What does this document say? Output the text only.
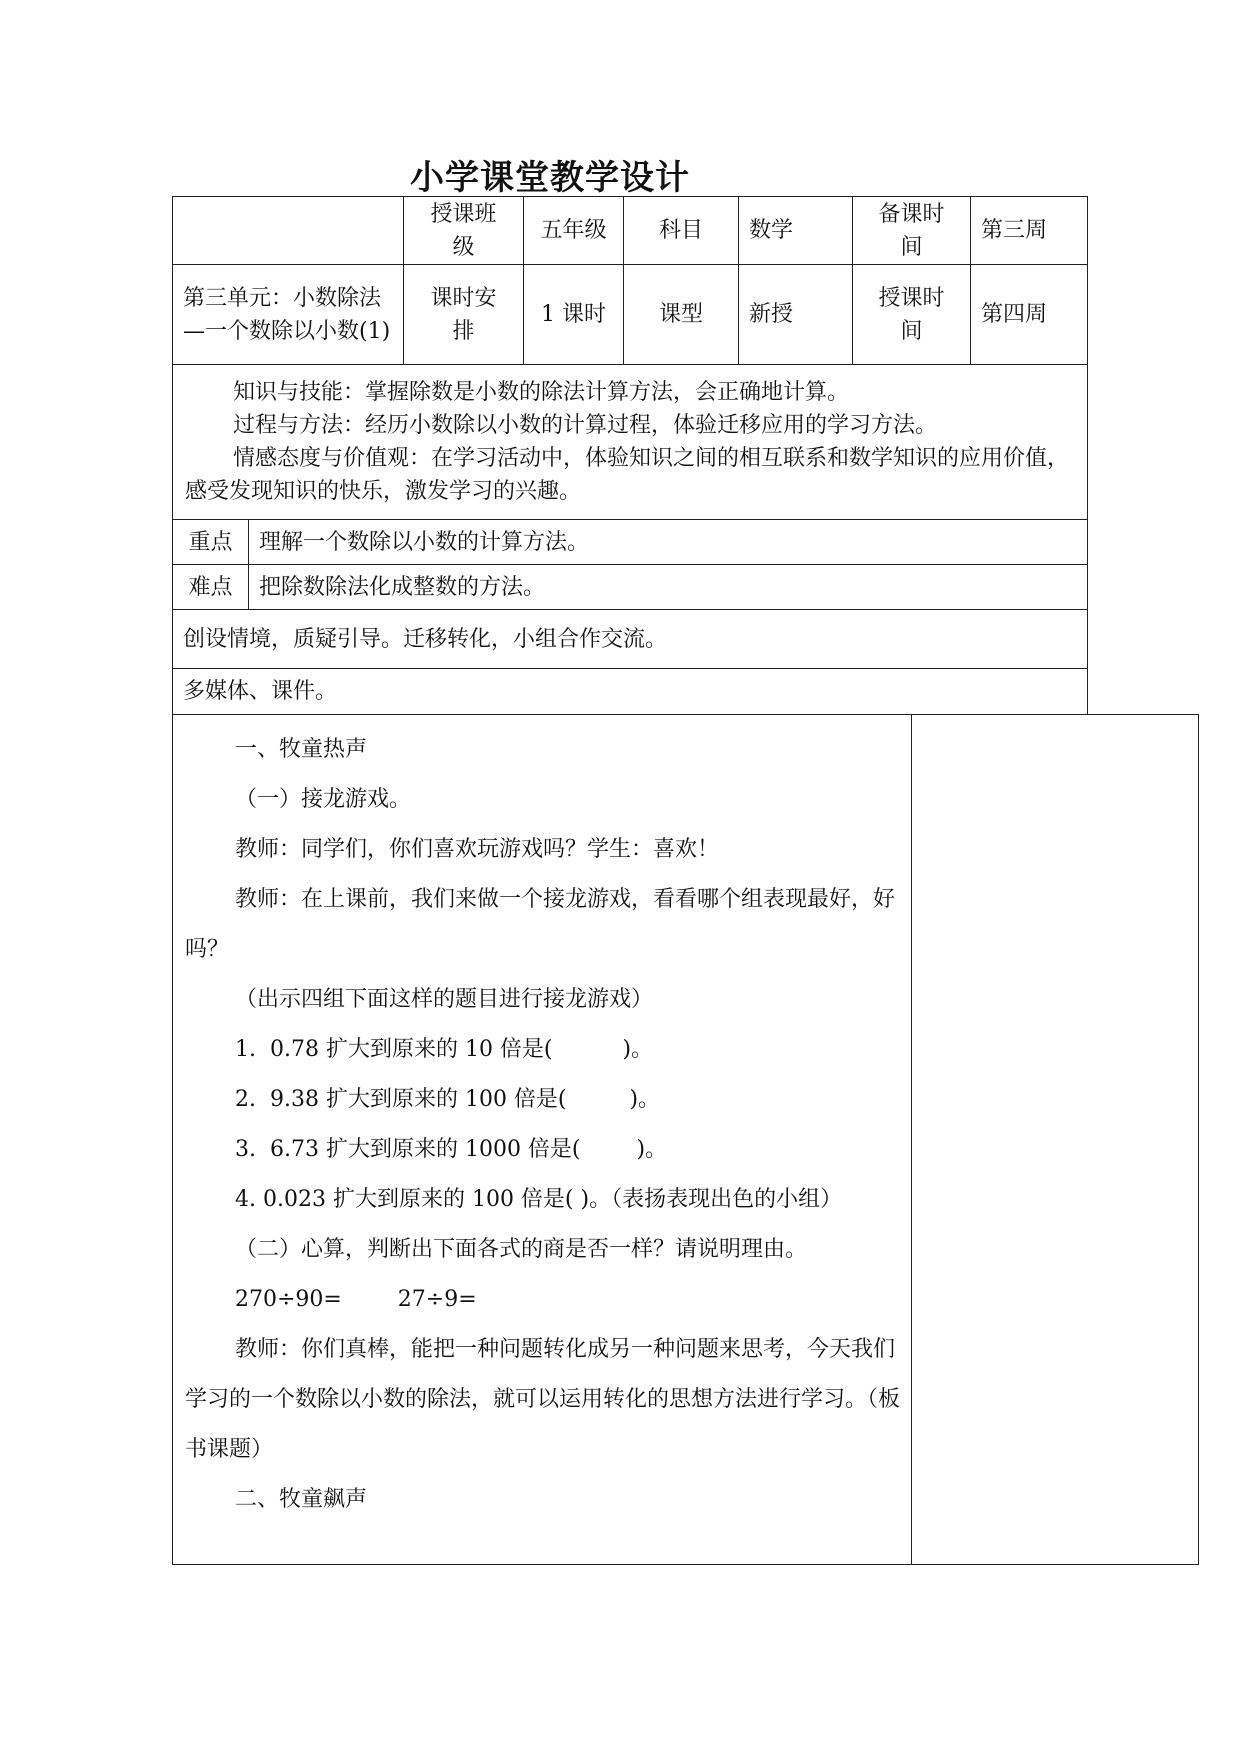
小学课堂教学设计
	授课班级	五年级	科目	数学	备课时间	第三周
第三单元：小数除法—一个数除以小数(1)	课时安排	1 课时	课型	新授	授课时间	第四周

知识与技能：掌握除数是小数的除法计算方法，会正确地计算。

过程与方法：经历小数除以小数的计算过程，体验迁移应用的学习方法。

情感态度与价值观：在学习活动中，体验知识之间的相互联系和数学知识的应用价值，感受发现知识的快乐，激发学习的兴趣。	

重点	理解一个数除以小数的计算方法。
难点	把除数除法化成整数的方法。
创设情境，质疑引导。迁移转化，小组合作交流。	
多媒体、课件。	

一、牧童热声

（一）接龙游戏。

教师：同学们，你们喜欢玩游戏吗？学生：喜欢！

教师：在上课前，我们来做一个接龙游戏，看看哪个组表现最好，好吗？

（出示四组下面这样的题目进行接龙游戏）

1.  0.78 扩大到原来的 10 倍是(          )。

2.  9.38 扩大到原来的 100 倍是(         )。

3.  6.73 扩大到原来的 1000 倍是(        )。

4. 0.023 扩大到原来的 100 倍是( )。（表扬表现出色的小组）

（二）心算，判断出下面各式的商是否一样？请说明理由。

270÷90=        27÷9=

教师：你们真棒，能把一种问题转化成另一种问题来思考，今天我们学习的一个数除以小数的除法，就可以运用转化的思想方法进行学习。（板书课题）

二、牧童飙声
